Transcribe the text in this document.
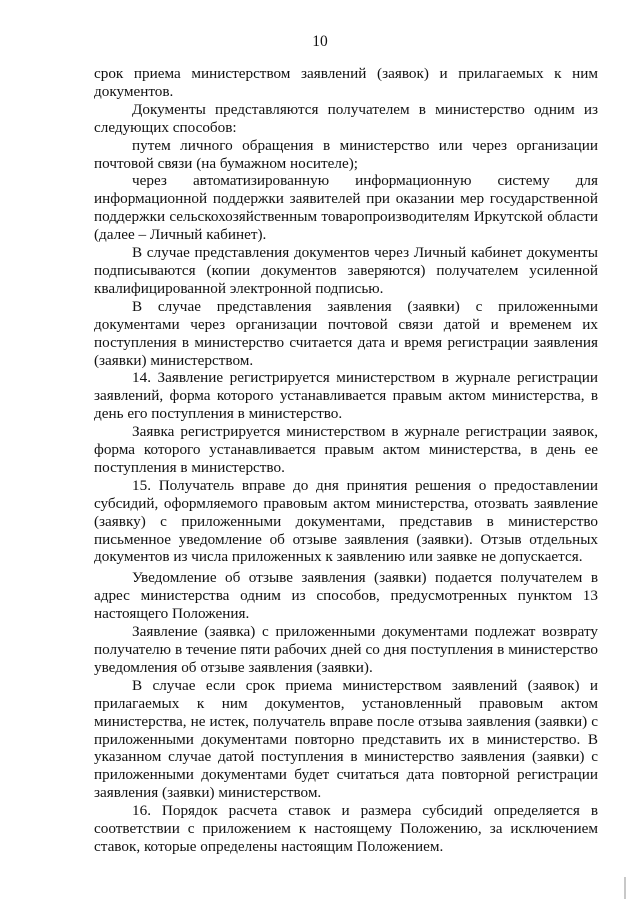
10

срок приема министерством заявлений (заявок) и прилагаемых к ним документов.

Документы представляются получателем в министерство одним из следующих способов:

путем личного обращения в министерство или через организации почтовой связи (на бумажном носителе);

через автоматизированную информационную систему для информационной поддержки заявителей при оказании мер государственной поддержки сельскохозяйственным товаропроизводителям Иркутской области (далее – Личный кабинет).

В случае представления документов через Личный кабинет документы подписываются (копии документов заверяются) получателем усиленной квалифицированной электронной подписью.

В случае представления заявления (заявки) с приложенными документами через организации почтовой связи датой и временем их поступления в министерство считается дата и время регистрации заявления (заявки) министерством.

14. Заявление регистрируется министерством в журнале регистрации заявлений, форма которого устанавливается правым актом министерства, в день его поступления в министерство.

Заявка регистрируется министерством в журнале регистрации заявок, форма которого устанавливается правым актом министерства, в день ее поступления в министерство.

15. Получатель вправе до дня принятия решения о предоставлении субсидий, оформляемого правовым актом министерства, отозвать заявление (заявку) с приложенными документами, представив в министерство письменное уведомление об отзыве заявления (заявки). Отзыв отдельных документов из числа приложенных к заявлению или заявке не допускается.

Уведомление об отзыве заявления (заявки) подается получателем в адрес министерства одним из способов, предусмотренных пунктом 13 настоящего Положения.

Заявление (заявка) с приложенными документами подлежат возврату получателю в течение пяти рабочих дней со дня поступления в министерство уведомления об отзыве заявления (заявки).

В случае если срок приема министерством заявлений (заявок) и прилагаемых к ним документов, установленный правовым актом министерства, не истек, получатель вправе после отзыва заявления (заявки) с приложенными документами повторно представить их в министерство. В указанном случае датой поступления в министерство заявления (заявки) с приложенными документами будет считаться дата повторной регистрации заявления (заявки) министерством.

16. Порядок расчета ставок и размера субсидий определяется в соответствии с приложением к настоящему Положению, за исключением ставок, которые определены настоящим Положением.
